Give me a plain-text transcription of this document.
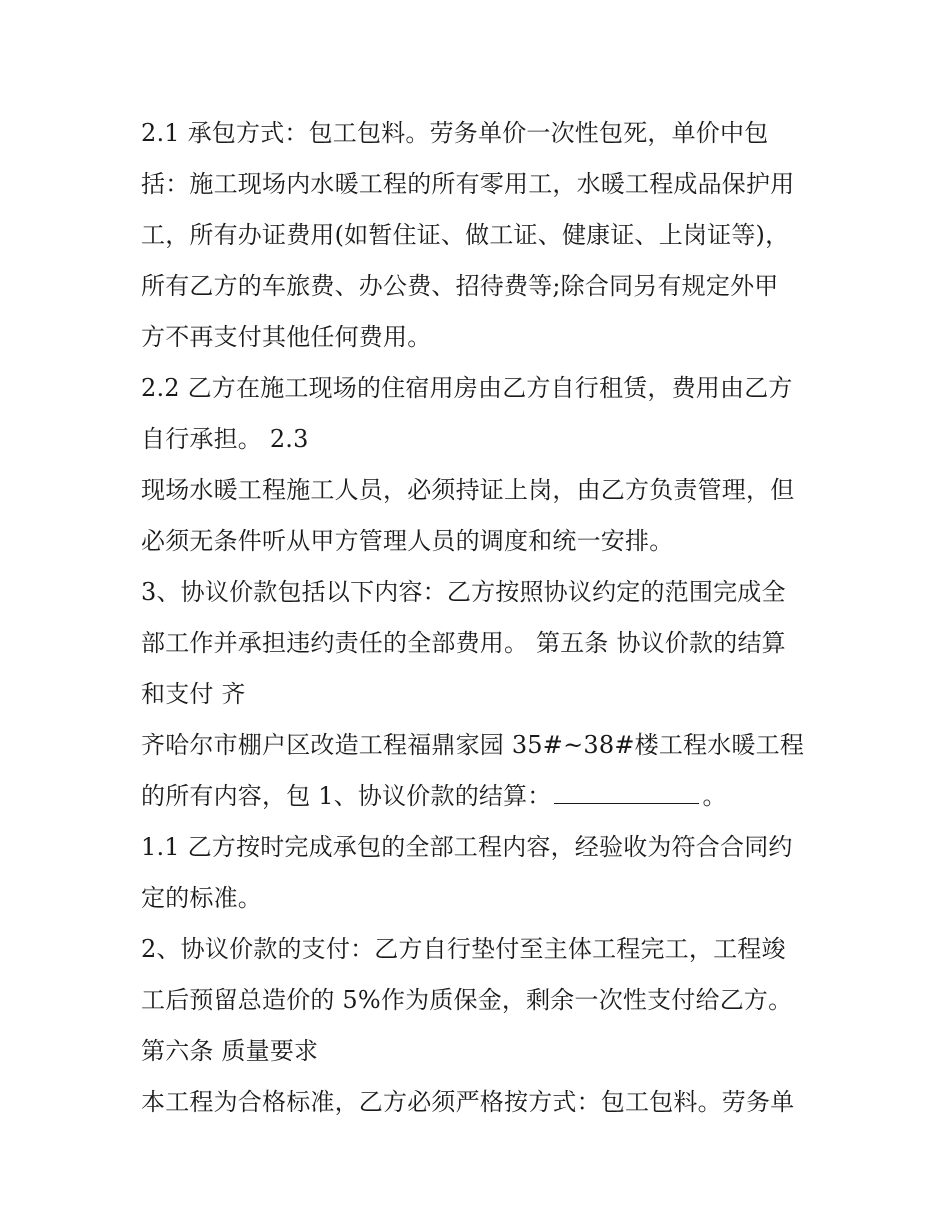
2.1 承包方式：包工包料。劳务单价一次性包死，单价中包
括：施工现场内水暖工程的所有零用工，水暖工程成品保护用
工，所有办证费用(如暂住证、做工证、健康证、上岗证等)，
所有乙方的车旅费、办公费、招待费等;除合同另有规定外甲
方不再支付其他任何费用。
2.2 乙方在施工现场的住宿用房由乙方自行租赁，费用由乙方
自行承担。 2.3
现场水暖工程施工人员，必须持证上岗，由乙方负责管理，但
必须无条件听从甲方管理人员的调度和统一安排。
3、协议价款包括以下内容：乙方按照协议约定的范围完成全
部工作并承担违约责任的全部费用。 第五条 协议价款的结算
和支付 齐
齐哈尔市棚户区改造工程福鼎家园 35#~38#楼工程水暖工程
的所有内容，包 1、协议价款的结算：	。
1.1 乙方按时完成承包的全部工程内容，经验收为符合合同约
定的标准。
2、协议价款的支付：乙方自行垫付至主体工程完工，工程竣
工后预留总造价的 5%作为质保金，剩余一次性支付给乙方。
第六条 质量要求
本工程为合格标准，乙方必须严格按方式：包工包料。劳务单
